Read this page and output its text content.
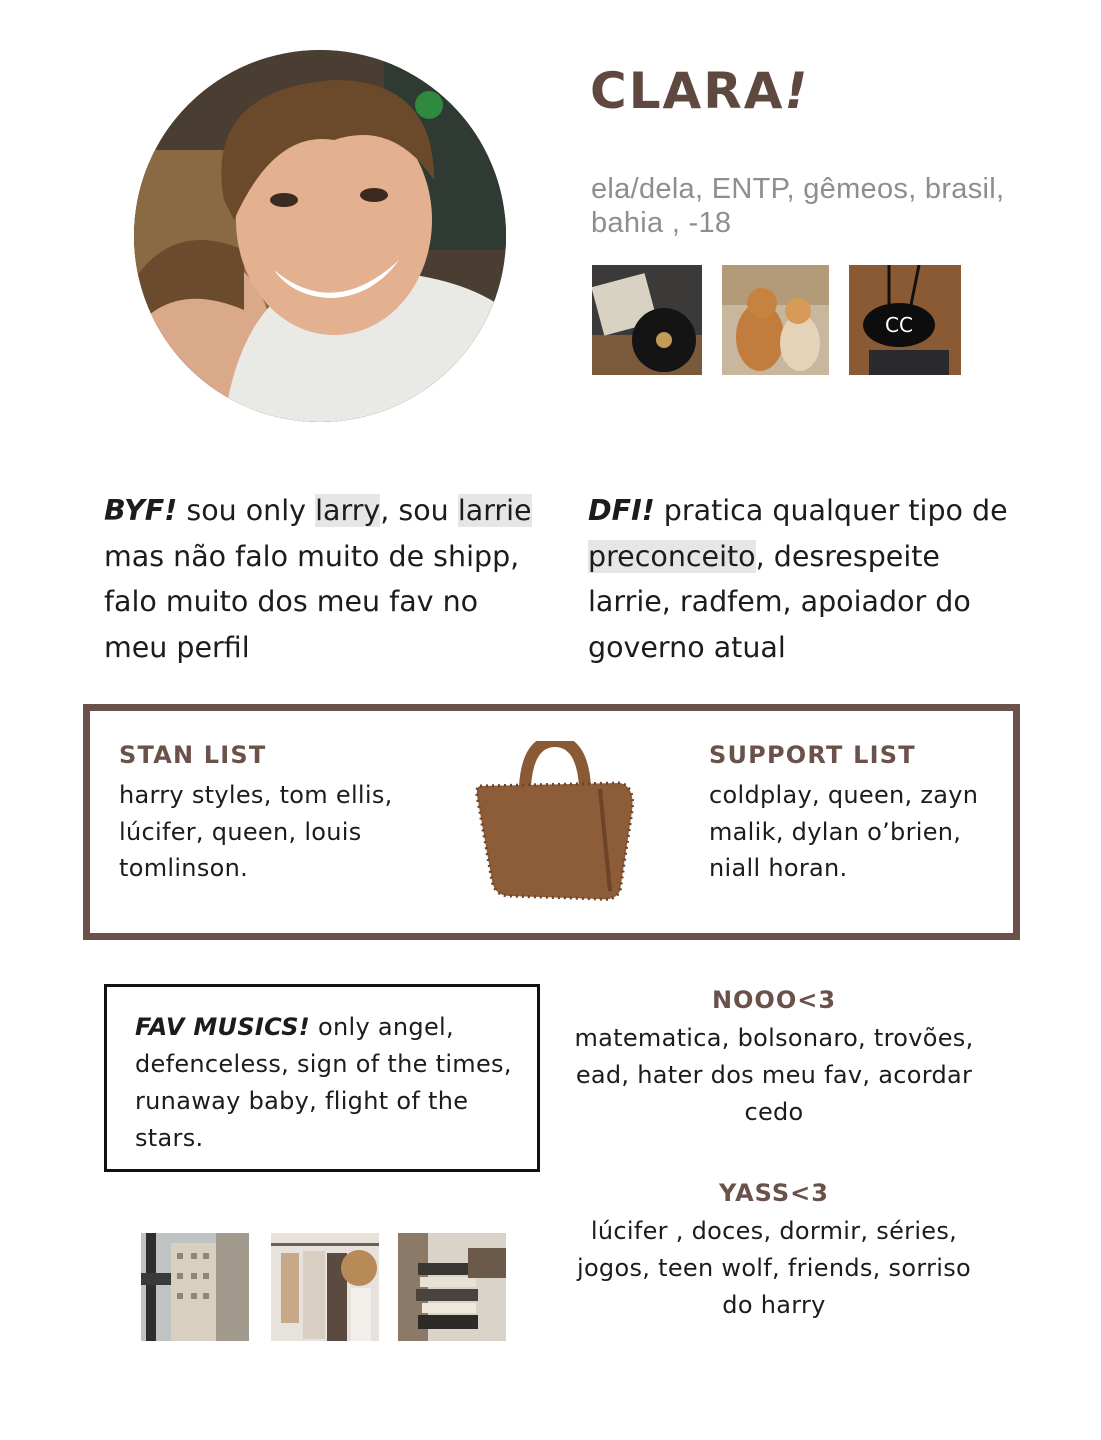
CLARA!
ela/dela, ENTP, gêmeos, brasil, bahia , -18
CC
BYF! sou only larry, sou larrie mas não falo muito de shipp, falo muito dos meu fav no meu perfil
DFI! pratica qualquer tipo de preconceito, desrespeite larrie, radfem, apoiador do governo atual
STAN LIST
harry styles, tom ellis, lúcifer, queen, louis tomlinson.
SUPPORT LIST
coldplay, queen, zayn malik, dylan o’brien, niall horan.
FAV MUSICS! only angel, defenceless, sign of the times, runaway baby, flight of the stars.
NOOO<3
matematica, bolsonaro, trovões, ead, hater dos meu fav, acordar cedo
YASS<3
lúcifer , doces, dormir, séries, jogos, teen wolf, friends, sorriso do harry
